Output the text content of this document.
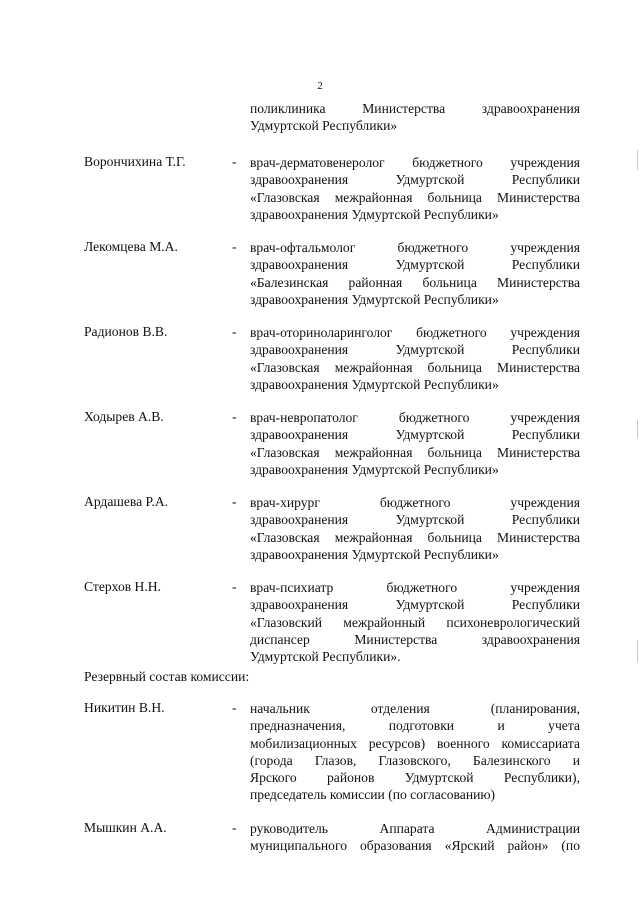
2
поликлиника Министерства здравоохранения
Удмуртской Республики»
Ворончихина Т.Г.	- врач-дерматовенеролог бюджетного учреждения
здравоохранения Удмуртской Республики
«Глазовская межрайонная больница Министерства
здравоохранения Удмуртской Республики»
Лекомцева М.А.	- врач-офтальмолог бюджетного учреждения
здравоохранения Удмуртской Республики
«Балезинская районная больница Министерства
здравоохранения Удмуртской Республики»
Радионов В.В.	- врач-оториноларинголог бюджетного учреждения
здравоохранения Удмуртской Республики
«Глазовская межрайонная больница Министерства
здравоохранения Удмуртской Республики»
Ходырев А.В.	- врач-невропатолог бюджетного учреждения
здравоохранения Удмуртской Республики
«Глазовская межрайонная больница Министерства
здравоохранения Удмуртской Республики»
Ардашева Р.А.	- врач-хирург бюджетного учреждения
здравоохранения Удмуртской Республики
«Глазовская межрайонная больница Министерства
здравоохранения Удмуртской Республики»
Стерхов Н.Н.	- врач-психиатр бюджетного учреждения
здравоохранения Удмуртской Республики
«Глазовский межрайонный психоневрологический
диспансер Министерства здравоохранения
Удмуртской Республики».
Резервный состав комиссии:
Никитин В.Н.	- начальник отделения (планирования,
предназначения, подготовки и учета
мобилизационных ресурсов) военного комиссариата
(города Глазов, Глазовского, Балезинского и
Ярского районов Удмуртской Республики),
председатель комиссии (по согласованию)
Мышкин А.А.	- руководитель Аппарата Администрации
муниципального образования «Ярский район» (по
